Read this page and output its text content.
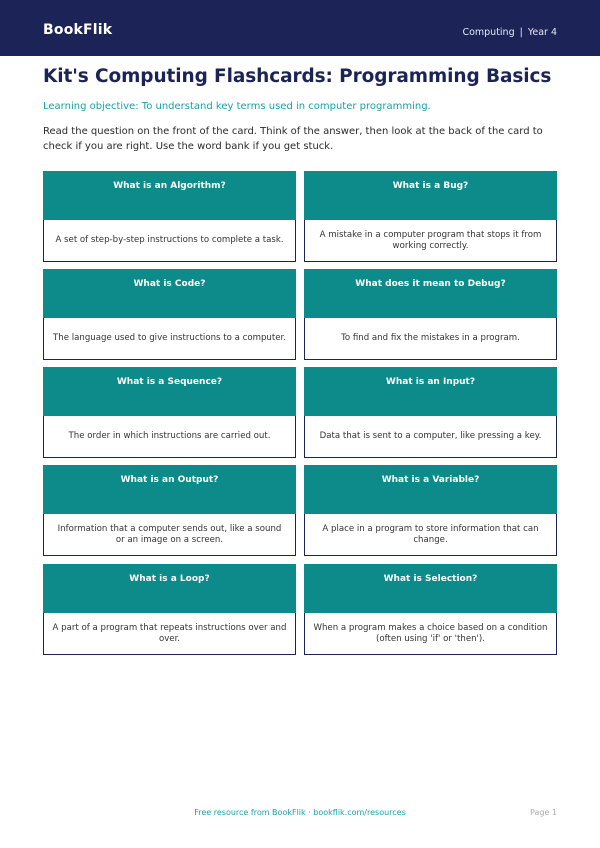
BookFlik	Computing | Year 4
Kit's Computing Flashcards: Programming Basics
Learning objective: To understand key terms used in computer programming.
Read the question on the front of the card. Think of the answer, then look at the back of the card to check if you are right. Use the word bank if you get stuck.
What is an Algorithm?
A set of step-by-step instructions to complete a task.
What is a Bug?
A mistake in a computer program that stops it from working correctly.
What is Code?
The language used to give instructions to a computer.
What does it mean to Debug?
To find and fix the mistakes in a program.
What is a Sequence?
The order in which instructions are carried out.
What is an Input?
Data that is sent to a computer, like pressing a key.
What is an Output?
Information that a computer sends out, like a sound or an image on a screen.
What is a Variable?
A place in a program to store information that can change.
What is a Loop?
A part of a program that repeats instructions over and over.
What is Selection?
When a program makes a choice based on a condition (often using 'if' or 'then').
Free resource from BookFlik · bookflik.com/resources	Page 1
